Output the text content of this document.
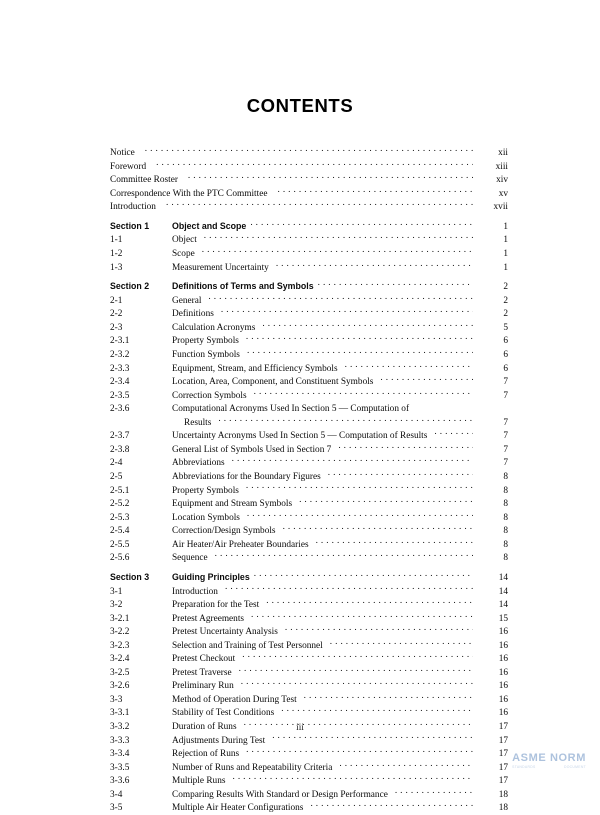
CONTENTS
Notice . . .	xii
Foreword . . .	xiii
Committee Roster . . .	xiv
Correspondence With the PTC Committee . . .	xv
Introduction . . .	xvii
Section 1	Object and Scope . . .	1
1-1	Object . . .	1
1-2	Scope . . .	1
1-3	Measurement Uncertainty . . .	1
Section 2	Definitions of Terms and Symbols . . .	2
2-1	General . . .	2
2-2	Definitions . . .	2
2-3	Calculation Acronyms . . .	5
2-3.1	Property Symbols . . .	6
2-3.2	Function Symbols . . .	6
2-3.3	Equipment, Stream, and Efficiency Symbols . . .	6
2-3.4	Location, Area, Component, and Constituent Symbols . . .	7
2-3.5	Correction Symbols . . .	7
2-3.6	Computational Acronyms Used In Section 5 — Computation of
Results . . .	7
2-3.7	Uncertainty Acronyms Used In Section 5 — Computation of Results . . .	7
2-3.8	General List of Symbols Used in Section 7 . . .	7
2-4	Abbreviations . . .	7
2-5	Abbreviations for the Boundary Figures . . .	8
2-5.1	Property Symbols . . .	8
2-5.2	Equipment and Stream Symbols . . .	8
2-5.3	Location Symbols . . .	8
2-5.4	Correction/Design Symbols . . .	8
2-5.5	Air Heater/Air Preheater Boundaries . . .	8
2-5.6	Sequence . . .	8
Section 3	Guiding Principles . . .	14
3-1	Introduction . . .	14
3-2	Preparation for the Test . . .	14
3-2.1	Pretest Agreements . . .	15
3-2.2	Pretest Uncertainty Analysis . . .	16
3-2.3	Selection and Training of Test Personnel . . .	16
3-2.4	Pretest Checkout . . .	16
3-2.5	Pretest Traverse . . .	16
3-2.6	Preliminary Run . . .	16
3-3	Method of Operation During Test . . .	16
3-3.1	Stability of Test Conditions . . .	16
3-3.2	Duration of Runs . . .	17
3-3.3	Adjustments During Test . . .	17
3-3.4	Rejection of Runs . . .	17
3-3.5	Number of Runs and Repeatability Criteria . . .	17
3-3.6	Multiple Runs . . .	17
3-4	Comparing Results With Standard or Design Performance . . .	18
3-5	Multiple Air Heater Configurations . . .	18
iii
ASME NORM
STANDARDS	DOCUMENT
